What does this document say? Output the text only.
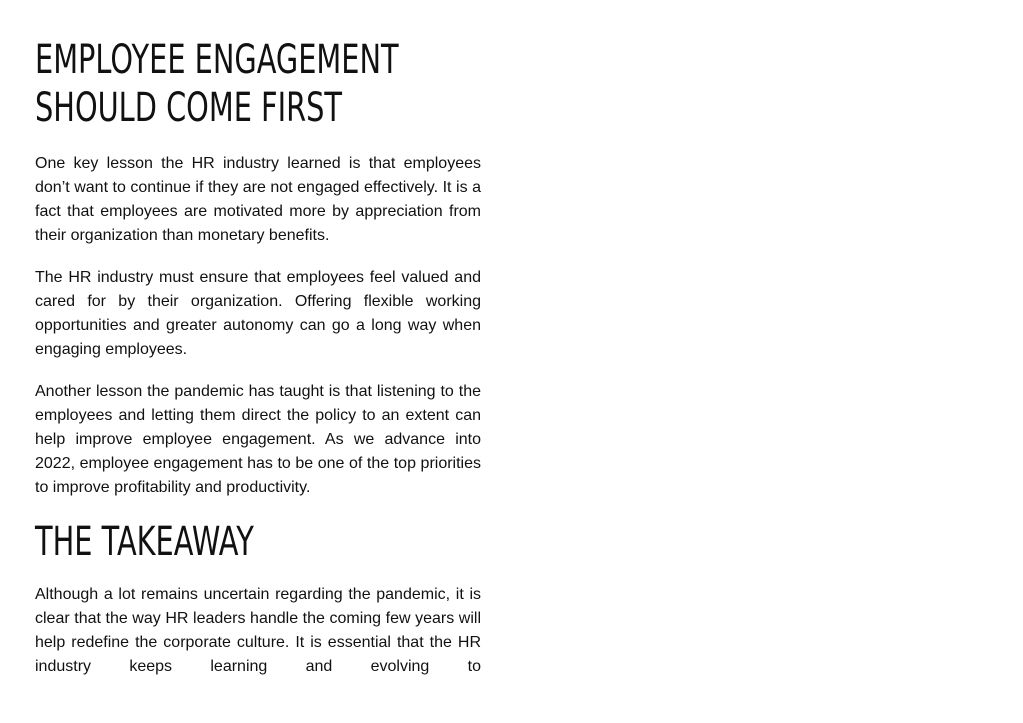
EMPLOYEE ENGAGEMENT
SHOULD COME FIRST

One key lesson the HR industry learned is that employees don’t want to continue if they are not engaged effectively. It is a fact that employees are motivated more by appreciation from their organization than monetary benefits.

The HR industry must ensure that employees feel valued and cared for by their organization. Offering flexible working opportunities and greater autonomy can go a long way when engaging employees.

Another lesson the pandemic has taught is that listening to the employees and letting them direct the policy to an extent can help improve employee engagement. As we advance into 2022, employee engagement has to be one of the top priorities to improve profitability and productivity.

THE TAKEAWAY

Although a lot remains uncertain regarding the pandemic, it is clear that the way HR leaders handle the coming few years will help redefine the corporate culture. It is essential that the HR industry keeps learning and evolving to
